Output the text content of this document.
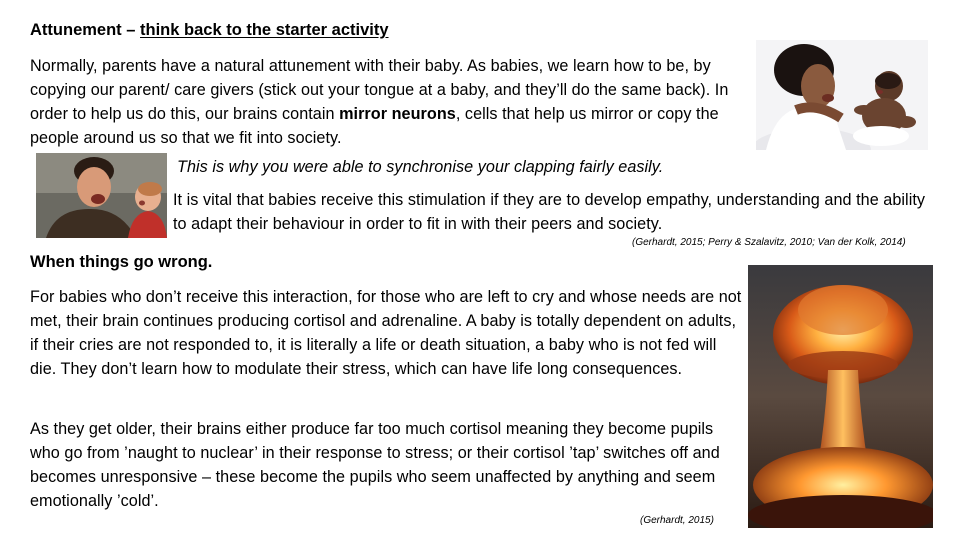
Attunement – think back to the starter activity
Normally, parents have a natural attunement with their baby. As babies, we learn how to be, by copying our parent/ care givers (stick out your tongue at a baby, and they’ll do the same back). In order to help us do this, our brains contain mirror neurons, cells that help us mirror or copy the people around us so that we fit into society.
This is why you were able to synchronise your clapping fairly easily.
It is vital that babies receive this stimulation if they are to develop empathy, understanding and the ability to adapt their behaviour in order to fit in with their peers and society.
(Gerhardt, 2015; Perry & Szalavitz, 2010; Van der Kolk, 2014)
When things go wrong.
For babies who don’t receive this interaction, for those who are left to cry and whose needs are not met, their brain continues producing cortisol and adrenaline. A baby is totally dependent on adults, if their cries are not responded to, it is literally a life or death situation, a baby who is not fed will die. They don’t learn how to modulate their stress, which can have life long consequences.
As they get older, their brains either produce far too much cortisol meaning they become pupils who go from ’naught to nuclear’ in their response to stress; or their cortisol ’tap’ switches off and becomes unresponsive – these become the pupils who seem unaffected by anything and seem emotionally ’cold’.
(Gerhardt, 2015)
